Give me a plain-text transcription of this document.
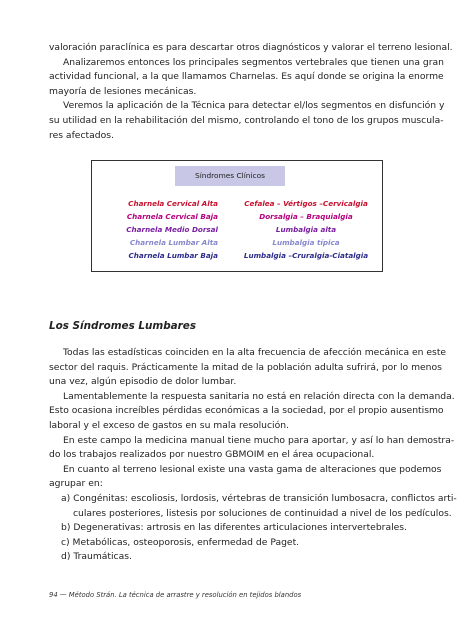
valoración paraclínica es para descartar otros diagnósticos y valorar el terreno lesional.
Analizaremos entonces los principales segmentos vertebrales que tienen una gran
actividad funcional, a la que llamamos Charnelas. Es aquí donde se origina la enorme
mayoría de lesiones mecánicas.
Veremos la aplicación de la Técnica para detectar el/los segmentos en disfunción y
su utilidad en la rehabilitación del mismo, controlando el tono de los grupos muscula-
res afectados.
Síndromes Clínicos
Charnela Cervical Alta	Cefalea – Vértigos –Cervicalgia
Charnela Cervical Baja	Dorsalgia – Braquialgia
Charnela Medio Dorsal	Lumbalgia alta
Charnela Lumbar Alta	Lumbalgia típica
Charnela Lumbar Baja	Lumbalgia –Cruralgia-Ciatalgia
Los Síndromes Lumbares
Todas las estadísticas coinciden en la alta frecuencia de afección mecánica en este
sector del raquis. Prácticamente la mitad de la población adulta sufrirá, por lo menos
una vez, algún episodio de dolor lumbar.
Lamentablemente la respuesta sanitaria no está en relación directa con la demanda.
Esto ocasiona increíbles pérdidas económicas a la sociedad, por el propio ausentismo
laboral y el exceso de gastos en su mala resolución.
En este campo la medicina manual tiene mucho para aportar, y así lo han demostra-
do los trabajos realizados por nuestro GBMOIM en el área ocupacional.
En cuanto al terreno lesional existe una vasta gama de alteraciones que podemos
agrupar en:
a) Congénitas: escoliosis, lordosis, vértebras de transición lumbosacra, conflictos arti-
culares posteriores, listesis por soluciones de continuidad a nivel de los pedículos.
b) Degenerativas: artrosis en las diferentes articulaciones intervertebrales.
c) Metabólicas, osteoporosis, enfermedad de Paget.
d) Traumáticas.
94 — Método Strán. La técnica de arrastre y resolución en tejidos blandos
